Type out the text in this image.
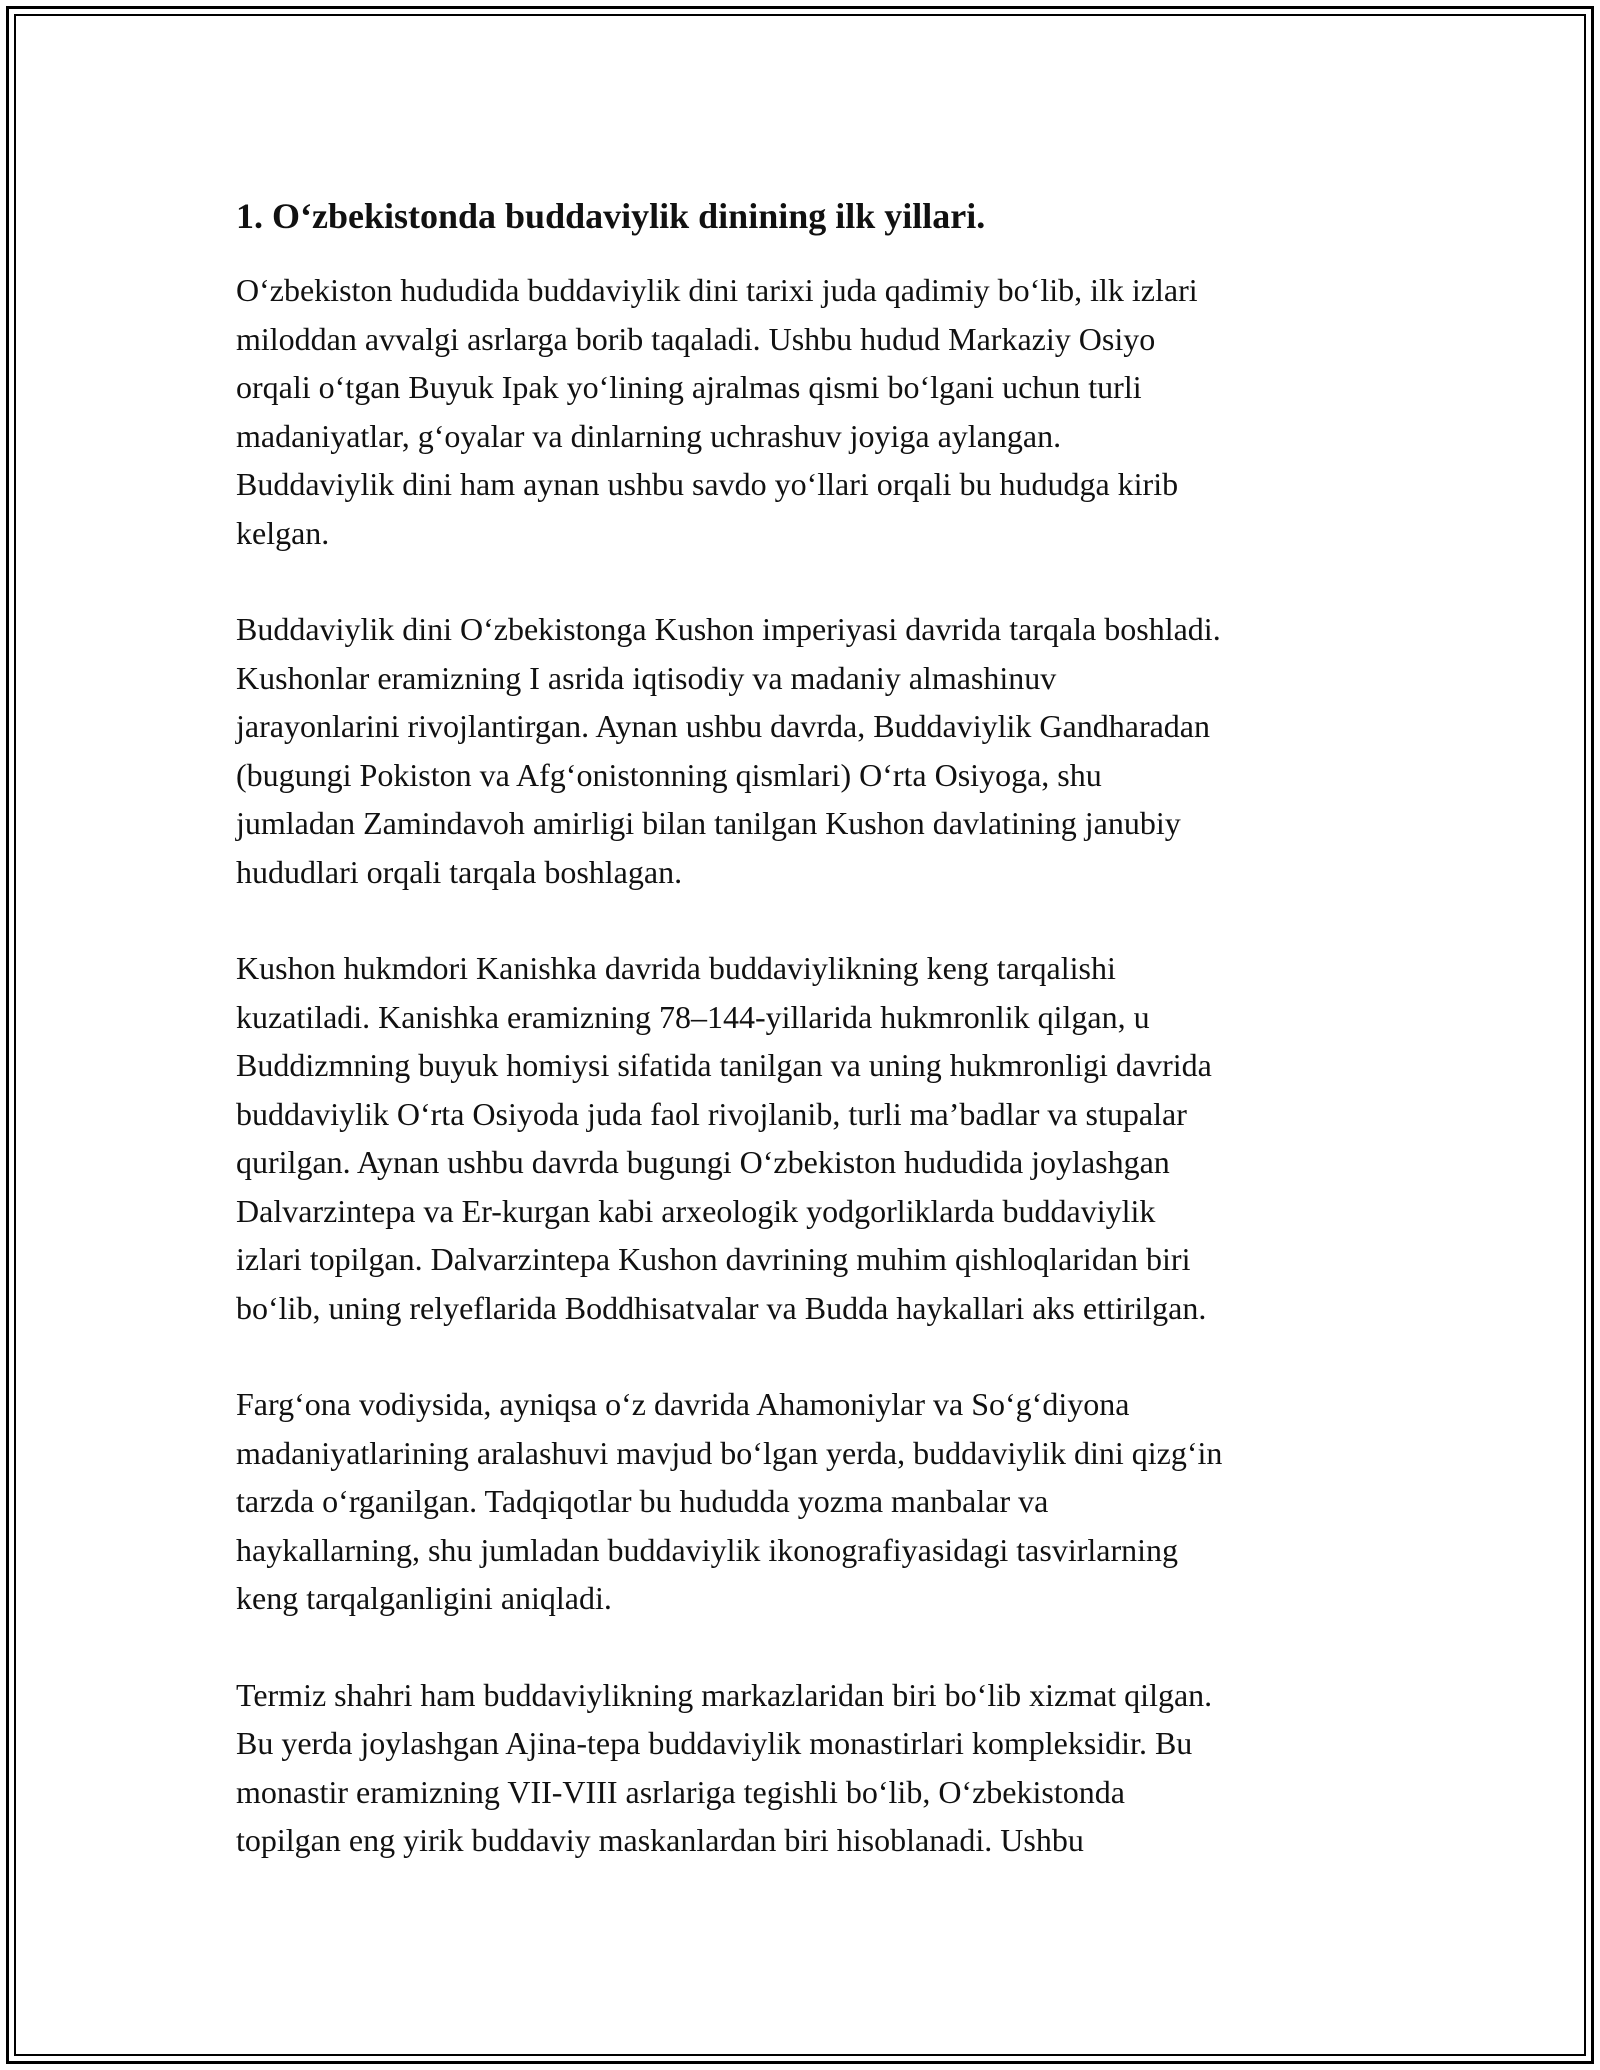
1. O‘zbekistonda buddaviylik dinining ilk yillari.

O‘zbekiston hududida buddaviylik dini tarixi juda qadimiy bo‘lib, ilk izlari
miloddan avvalgi asrlarga borib taqaladi. Ushbu hudud Markaziy Osiyo
orqali o‘tgan Buyuk Ipak yo‘lining ajralmas qismi bo‘lgani uchun turli
madaniyatlar, g‘oyalar va dinlarning uchrashuv joyiga aylangan.
Buddaviylik dini ham aynan ushbu savdo yo‘llari orqali bu hududga kirib
kelgan.

Buddaviylik dini O‘zbekistonga Kushon imperiyasi davrida tarqala boshladi.
Kushonlar eramizning I asrida iqtisodiy va madaniy almashinuv
jarayonlarini rivojlantirgan. Aynan ushbu davrda, Buddaviylik Gandharadan
(bugungi Pokiston va Afg‘onistonning qismlari) O‘rta Osiyoga, shu
jumladan Zamindavoh amirligi bilan tanilgan Kushon davlatining janubiy
hududlari orqali tarqala boshlagan.

Kushon hukmdori Kanishka davrida buddaviylikning keng tarqalishi
kuzatiladi. Kanishka eramizning 78–144-yillarida hukmronlik qilgan, u
Buddizmning buyuk homiysi sifatida tanilgan va uning hukmronligi davrida
buddaviylik O‘rta Osiyoda juda faol rivojlanib, turli ma’badlar va stupalar
qurilgan. Aynan ushbu davrda bugungi O‘zbekiston hududida joylashgan
Dalvarzintepa va Er-kurgan kabi arxeologik yodgorliklarda buddaviylik
izlari topilgan. Dalvarzintepa Kushon davrining muhim qishloqlaridan biri
bo‘lib, uning relyeflarida Boddhisatvalar va Budda haykallari aks ettirilgan.

Farg‘ona vodiysida, ayniqsa o‘z davrida Ahamoniylar va So‘g‘diyona
madaniyatlarining aralashuvi mavjud bo‘lgan yerda, buddaviylik dini qizg‘in
tarzda o‘rganilgan. Tadqiqotlar bu hududda yozma manbalar va
haykallarning, shu jumladan buddaviylik ikonografiyasidagi tasvirlarning
keng tarqalganligini aniqladi.

Termiz shahri ham buddaviylikning markazlaridan biri bo‘lib xizmat qilgan.
Bu yerda joylashgan Ajina-tepa buddaviylik monastirlari kompleksidir. Bu
monastir eramizning VII-VIII asrlariga tegishli bo‘lib, O‘zbekistonda
topilgan eng yirik buddaviy maskanlardan biri hisoblanadi. Ushbu
